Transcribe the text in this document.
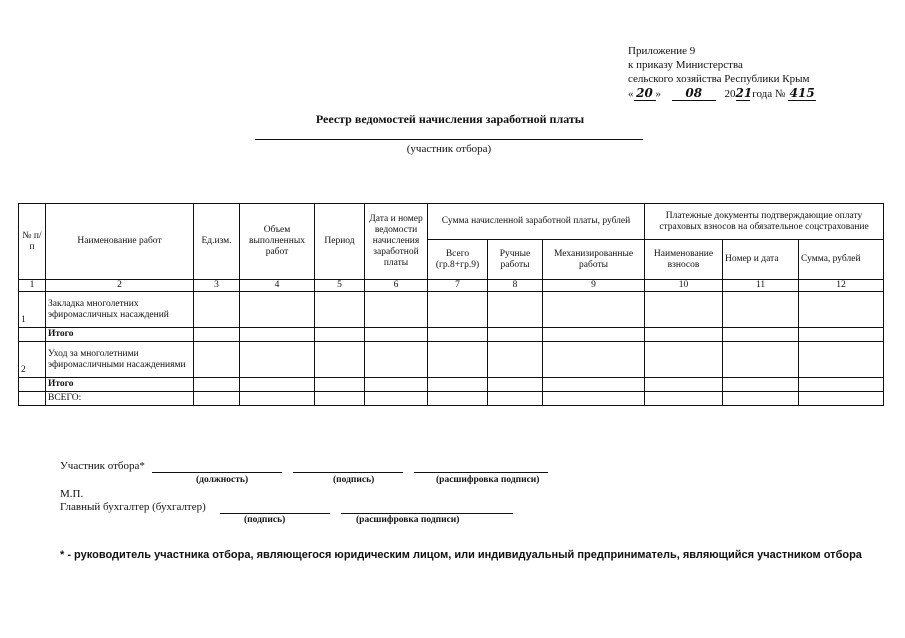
Приложение 9
к приказу Министерства
сельского хозяйства Республики Крым
« 20 » 08 2021 года № 415
Реестр ведомостей начисления заработной платы
(участник отбора)
№ п/п	Наименование работ	Ед.изм.	Объем выполненных работ	Период	Дата и номер ведомости начисления заработной платы	Сумма начисленной заработной платы, рублей			Платежные документы подтверждающие оплату страховых взносов на обязательное соцстрахование		
						Всего (гр.8+гр.9)	Ручные работы	Механизированные работы	Наименование взносов	Номер и дата	Сумма, рублей
1	2	3	4	5	6	7	8	9	10	11	12
1	Закладка многолетних эфиромасличных насаждений										
	Итого										
2	Уход за многолетними эфиромасличными насаждениями										
	Итого										
	ВСЕГО:										
Участник отбора*
(должность)	(подпись)	(расшифровка подписи)
М.П.
Главный бухгалтер (бухгалтер)
(подпись)	(расшифровка подписи)
* - руководитель участника отбора, являющегося юридическим лицом, или индивидуальный предприниматель, являющийся участником отбора
